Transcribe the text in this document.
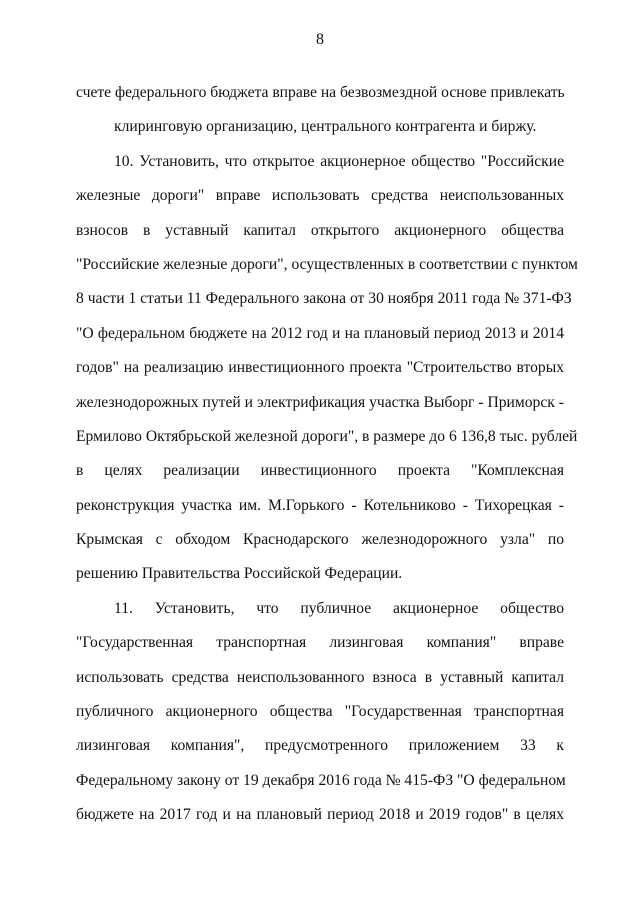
8
счете федерального бюджета вправе на безвозмездной основе привлекать
клиринговую организацию, центрального контрагента и биржу.
10. Установить, что открытое акционерное общество "Российские
железные дороги" вправе использовать средства неиспользованных
взносов в уставный капитал открытого акционерного общества
"Российские железные дороги", осуществленных в соответствии с пунктом
8 части 1 статьи 11 Федерального закона от 30 ноября 2011 года № 371-ФЗ
"О федеральном бюджете на 2012 год и на плановый период 2013 и 2014
годов" на реализацию инвестиционного проекта "Строительство вторых
железнодорожных путей и электрификация участка Выборг - Приморск -
Ермилово Октябрьской железной дороги", в размере до 6 136,8 тыс. рублей
в целях реализации инвестиционного проекта "Комплексная
реконструкция участка им. М.Горького - Котельниково - Тихорецкая -
Крымская с обходом Краснодарского железнодорожного узла" по
решению Правительства Российской Федерации.
11. Установить, что публичное акционерное общество
"Государственная транспортная лизинговая компания" вправе
использовать средства неиспользованного взноса в уставный капитал
публичного акционерного общества "Государственная транспортная
лизинговая компания", предусмотренного приложением 33 к
Федеральному закону от 19 декабря 2016 года № 415-ФЗ "О федеральном
бюджете на 2017 год и на плановый период 2018 и 2019 годов" в целях
